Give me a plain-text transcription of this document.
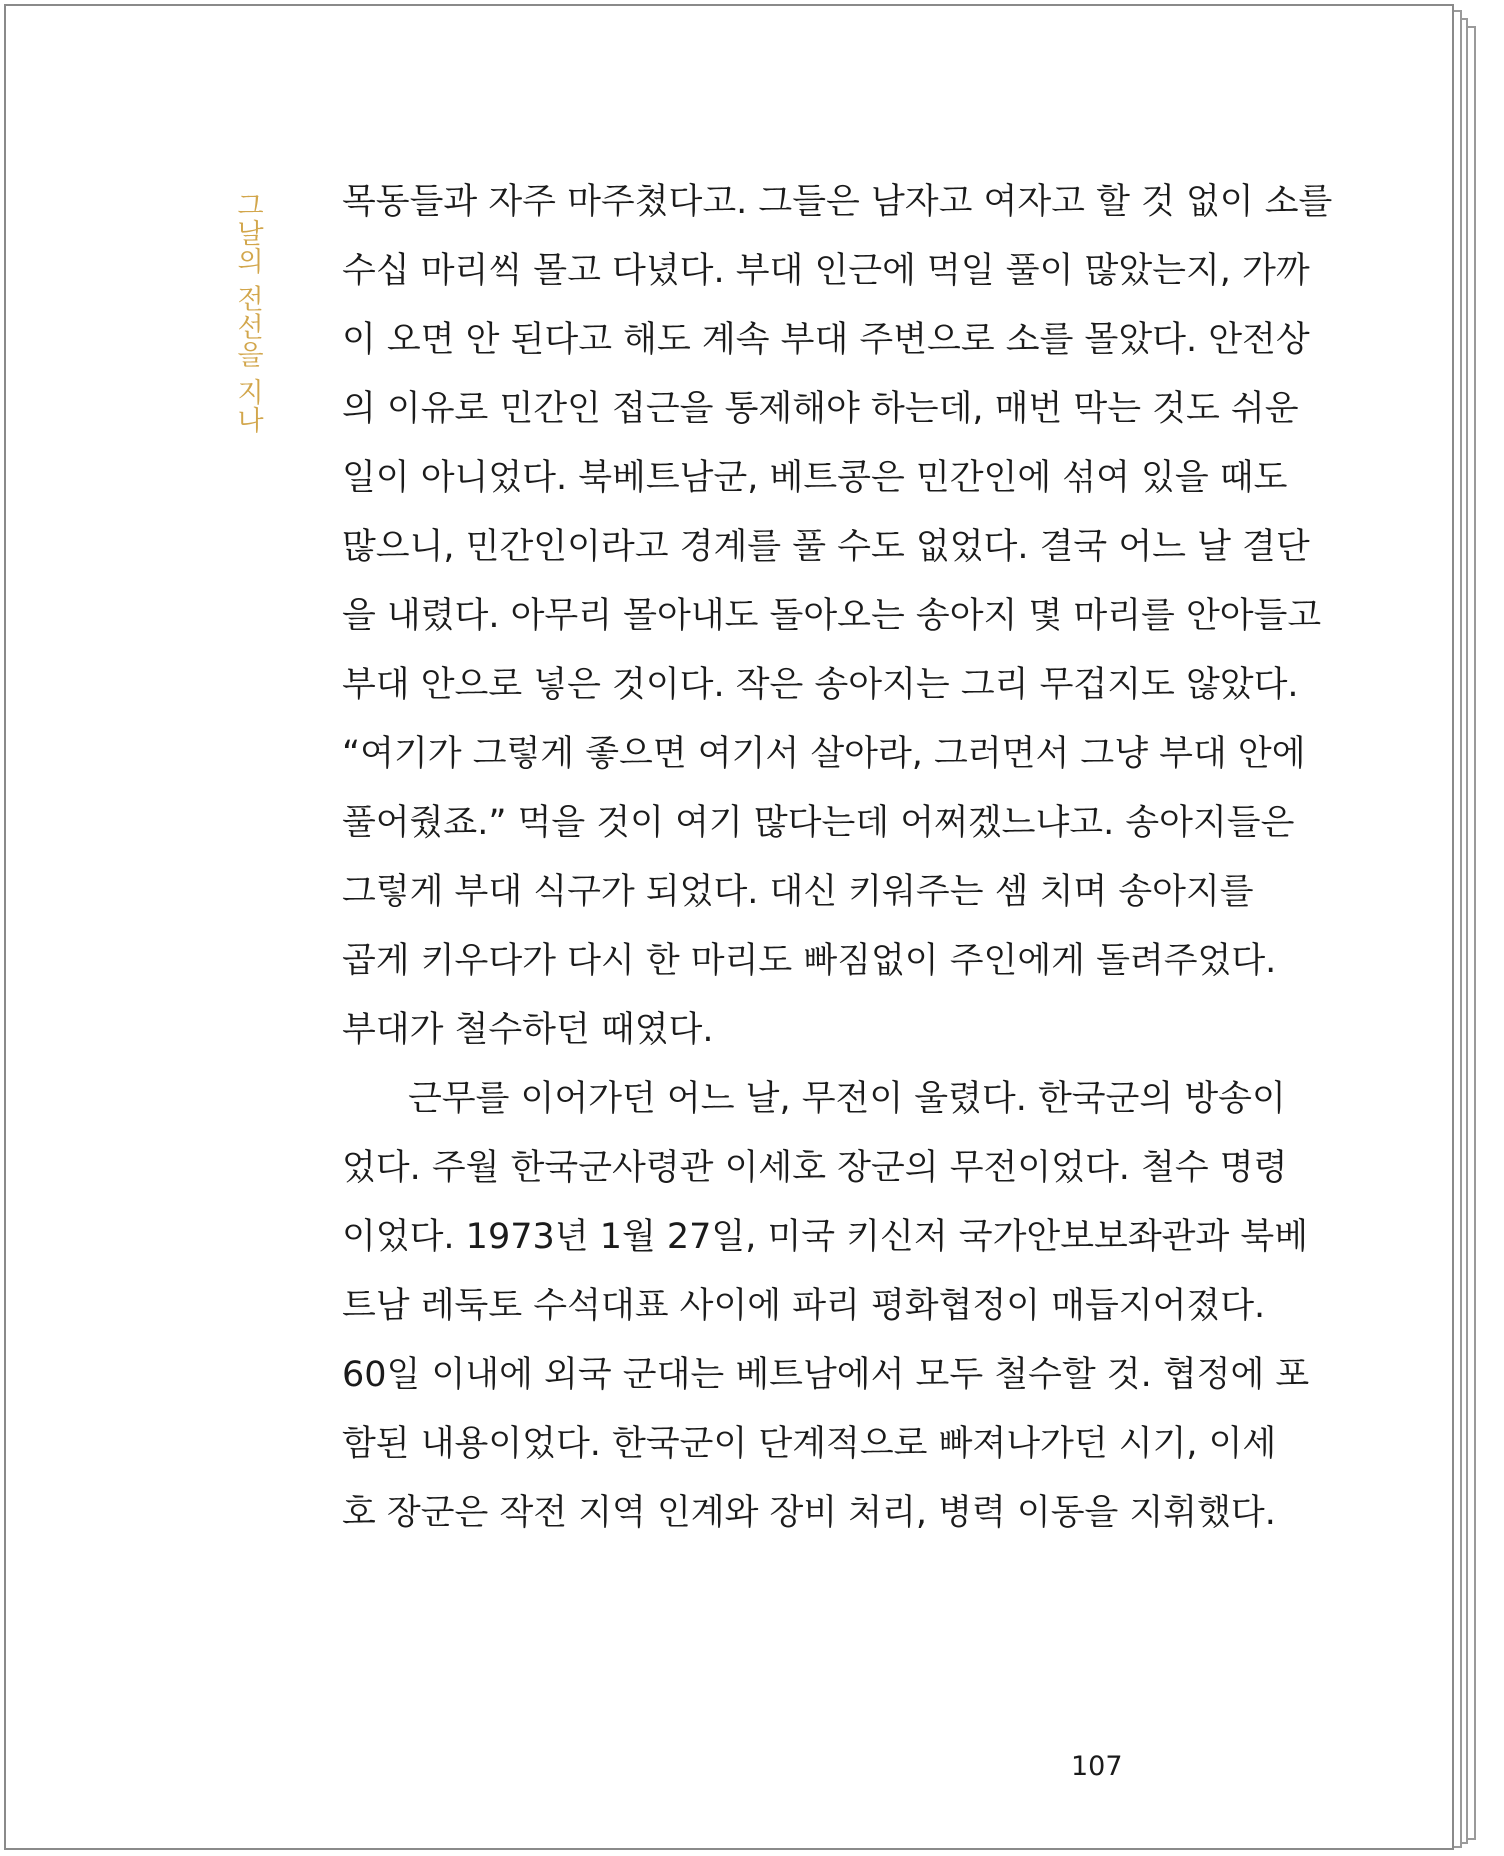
그날의 전선을 지나 목동들과 자주 마주쳤다고. 그들은 남자고 여자고 할 것 없이 소를
수십 마리씩 몰고 다녔다. 부대 인근에 먹일 풀이 많았는지, 가까
이 오면 안 된다고 해도 계속 부대 주변으로 소를 몰았다. 안전상
의 이유로 민간인 접근을 통제해야 하는데, 매번 막는 것도 쉬운
일이 아니었다. 북베트남군, 베트콩은 민간인에 섞여 있을 때도
많으니, 민간인이라고 경계를 풀 수도 없었다. 결국 어느 날 결단
을 내렸다. 아무리 몰아내도 돌아오는 송아지 몇 마리를 안아들고
부대 안으로 넣은 것이다. 작은 송아지는 그리 무겁지도 않았다.
“여기가 그렇게 좋으면 여기서 살아라, 그러면서 그냥 부대 안에
풀어줬죠.” 먹을 것이 여기 많다는데 어쩌겠느냐고. 송아지들은
그렇게 부대 식구가 되었다. 대신 키워주는 셈 치며 송아지를
곱게 키우다가 다시 한 마리도 빠짐없이 주인에게 돌려주었다.
부대가 철수하던 때였다.
근무를 이어가던 어느 날, 무전이 울렸다. 한국군의 방송이
었다. 주월 한국군사령관 이세호 장군의 무전이었다. 철수 명령
이었다. 1973년 1월 27일, 미국 키신저 국가안보보좌관과 북베
트남 레둑토 수석대표 사이에 파리 평화협정이 매듭지어졌다.
60일 이내에 외국 군대는 베트남에서 모두 철수할 것. 협정에 포
함된 내용이었다. 한국군이 단계적으로 빠져나가던 시기, 이세
호 장군은 작전 지역 인계와 장비 처리, 병력 이동을 지휘했다.
107
